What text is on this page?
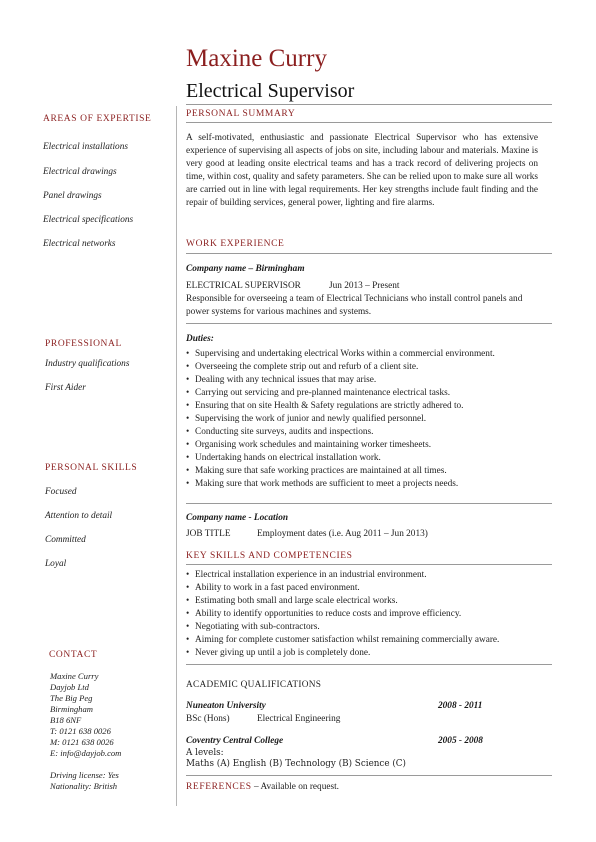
Maxine Curry
Electrical Supervisor
AREAS OF EXPERTISE
Electrical installations
Electrical drawings
Panel drawings
Electrical specifications
Electrical networks
PROFESSIONAL
Industry qualifications
First Aider
PERSONAL SKILLS
Focused
Attention to detail
Committed
Loyal
CONTACT
Maxine Curry
Dayjob Ltd
The Big Peg
Birmingham
B18 6NF
T: 0121 638 0026
M: 0121 638 0026
E: info@dayjob.com
Driving license: Yes
Nationality: British
PERSONAL SUMMARY
A self-motivated, enthusiastic and passionate Electrical Supervisor who has extensive experience of supervising all aspects of jobs on site, including labour and materials. Maxine is very good at leading onsite electrical teams and has a track record of delivering projects on time, within cost, quality and safety parameters. She can be relied upon to make sure all works are carried out in line with legal requirements. Her key strengths include fault finding and the repair of building services, general power, lighting and fire alarms.
WORK EXPERIENCE
Company name – Birmingham
ELECTRICAL SUPERVISOR	Jun 2013 – Present
Responsible for overseeing a team of Electrical Technicians who install control panels and power systems for various machines and systems.
Duties:
• Supervising and undertaking electrical Works within a commercial environment.
• Overseeing the complete strip out and refurb of a client site.
• Dealing with any technical issues that may arise.
• Carrying out servicing and pre-planned maintenance electrical tasks.
• Ensuring that on site Health & Safety regulations are strictly adhered to.
• Supervising the work of junior and newly qualified personnel.
• Conducting site surveys, audits and inspections.
• Organising work schedules and maintaining worker timesheets.
• Undertaking hands on electrical installation work.
• Making sure that safe working practices are maintained at all times.
• Making sure that work methods are sufficient to meet a projects needs.
Company name - Location
JOB TITLE	Employment dates (i.e. Aug 2011 – Jun 2013)
KEY SKILLS AND COMPETENCIES
• Electrical installation experience in an industrial environment.
• Ability to work in a fast paced environment.
• Estimating both small and large scale electrical works.
• Ability to identify opportunities to reduce costs and improve efficiency.
• Negotiating with sub-contractors.
• Aiming for complete customer satisfaction whilst remaining commercially aware.
• Never giving up until a job is completely done.
ACADEMIC QUALIFICATIONS
Nuneaton University	2008 - 2011
BSc (Hons)	Electrical Engineering
Coventry Central College	2005 - 2008
A levels:
Maths (A) English (B) Technology (B) Science (C)
REFERENCES – Available on request.
